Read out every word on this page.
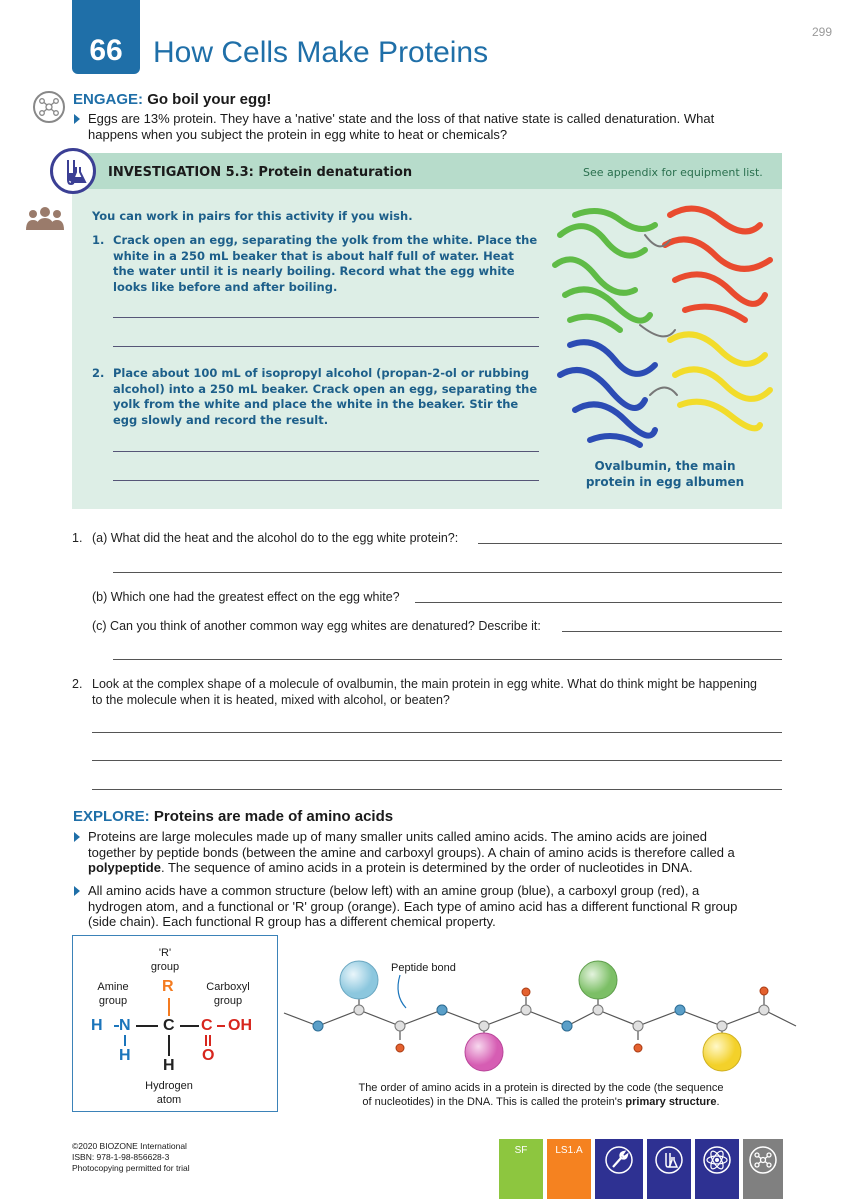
66 How Cells Make Proteins
299
ENGAGE: Go boil your egg!
Eggs are 13% protein. They have a 'native' state and the loss of that native state is called denaturation. What
happens when you subject the protein in egg white to heat or chemicals?
INVESTIGATION 5.3: Protein denaturation	See appendix for equipment list.
You can work in pairs for this activity if you wish.
1. Crack open an egg, separating the yolk from the white. Place the
white in a 250 mL beaker that is about half full of water. Heat
the water until it is nearly boiling. Record what the egg white
looks like before and after boiling.
2. Place about 100 mL of isopropyl alcohol (propan-2-ol or rubbing
alcohol) into a 250 mL beaker. Crack open an egg, separating the
yolk from the white and place the white in the beaker. Stir the
egg slowly and record the result.
Ovalbumin, the main
protein in egg albumen
1. (a) What did the heat and the alcohol do to the egg white protein?:
(b) Which one had the greatest effect on the egg white?
(c) Can you think of another common way egg whites are denatured? Describe it:
2. Look at the complex shape of a molecule of ovalbumin, the main protein in egg white. What do think might be happening
to the molecule when it is heated, mixed with alcohol, or beaten?
EXPLORE: Proteins are made of amino acids
Proteins are large molecules made up of many smaller units called amino acids. The amino acids are joined
together by peptide bonds (between the amine and carboxyl groups). A chain of amino acids is therefore called a
polypeptide. The sequence of amino acids in a protein is determined by the order of nucleotides in DNA.
All amino acids have a common structure (below left) with an amine group (blue), a carboxyl group (red), a
hydrogen atom, and a functional or 'R' group (orange). Each type of amino acid has a different functional R group
(side chain). Each functional R group has a different chemical property.
'R'
group
Amine
group
Carboxyl
group
R
H N C C OH
H
H
O
Hydrogen
atom
Peptide bond
The order of amino acids in a protein is directed by the code (the sequence
of nucleotides) in the DNA. This is called the protein's primary structure.
©2020 BIOZONE International
ISBN: 978-1-98-856628-3
Photocopying permitted for trial
SF	LS1.A
